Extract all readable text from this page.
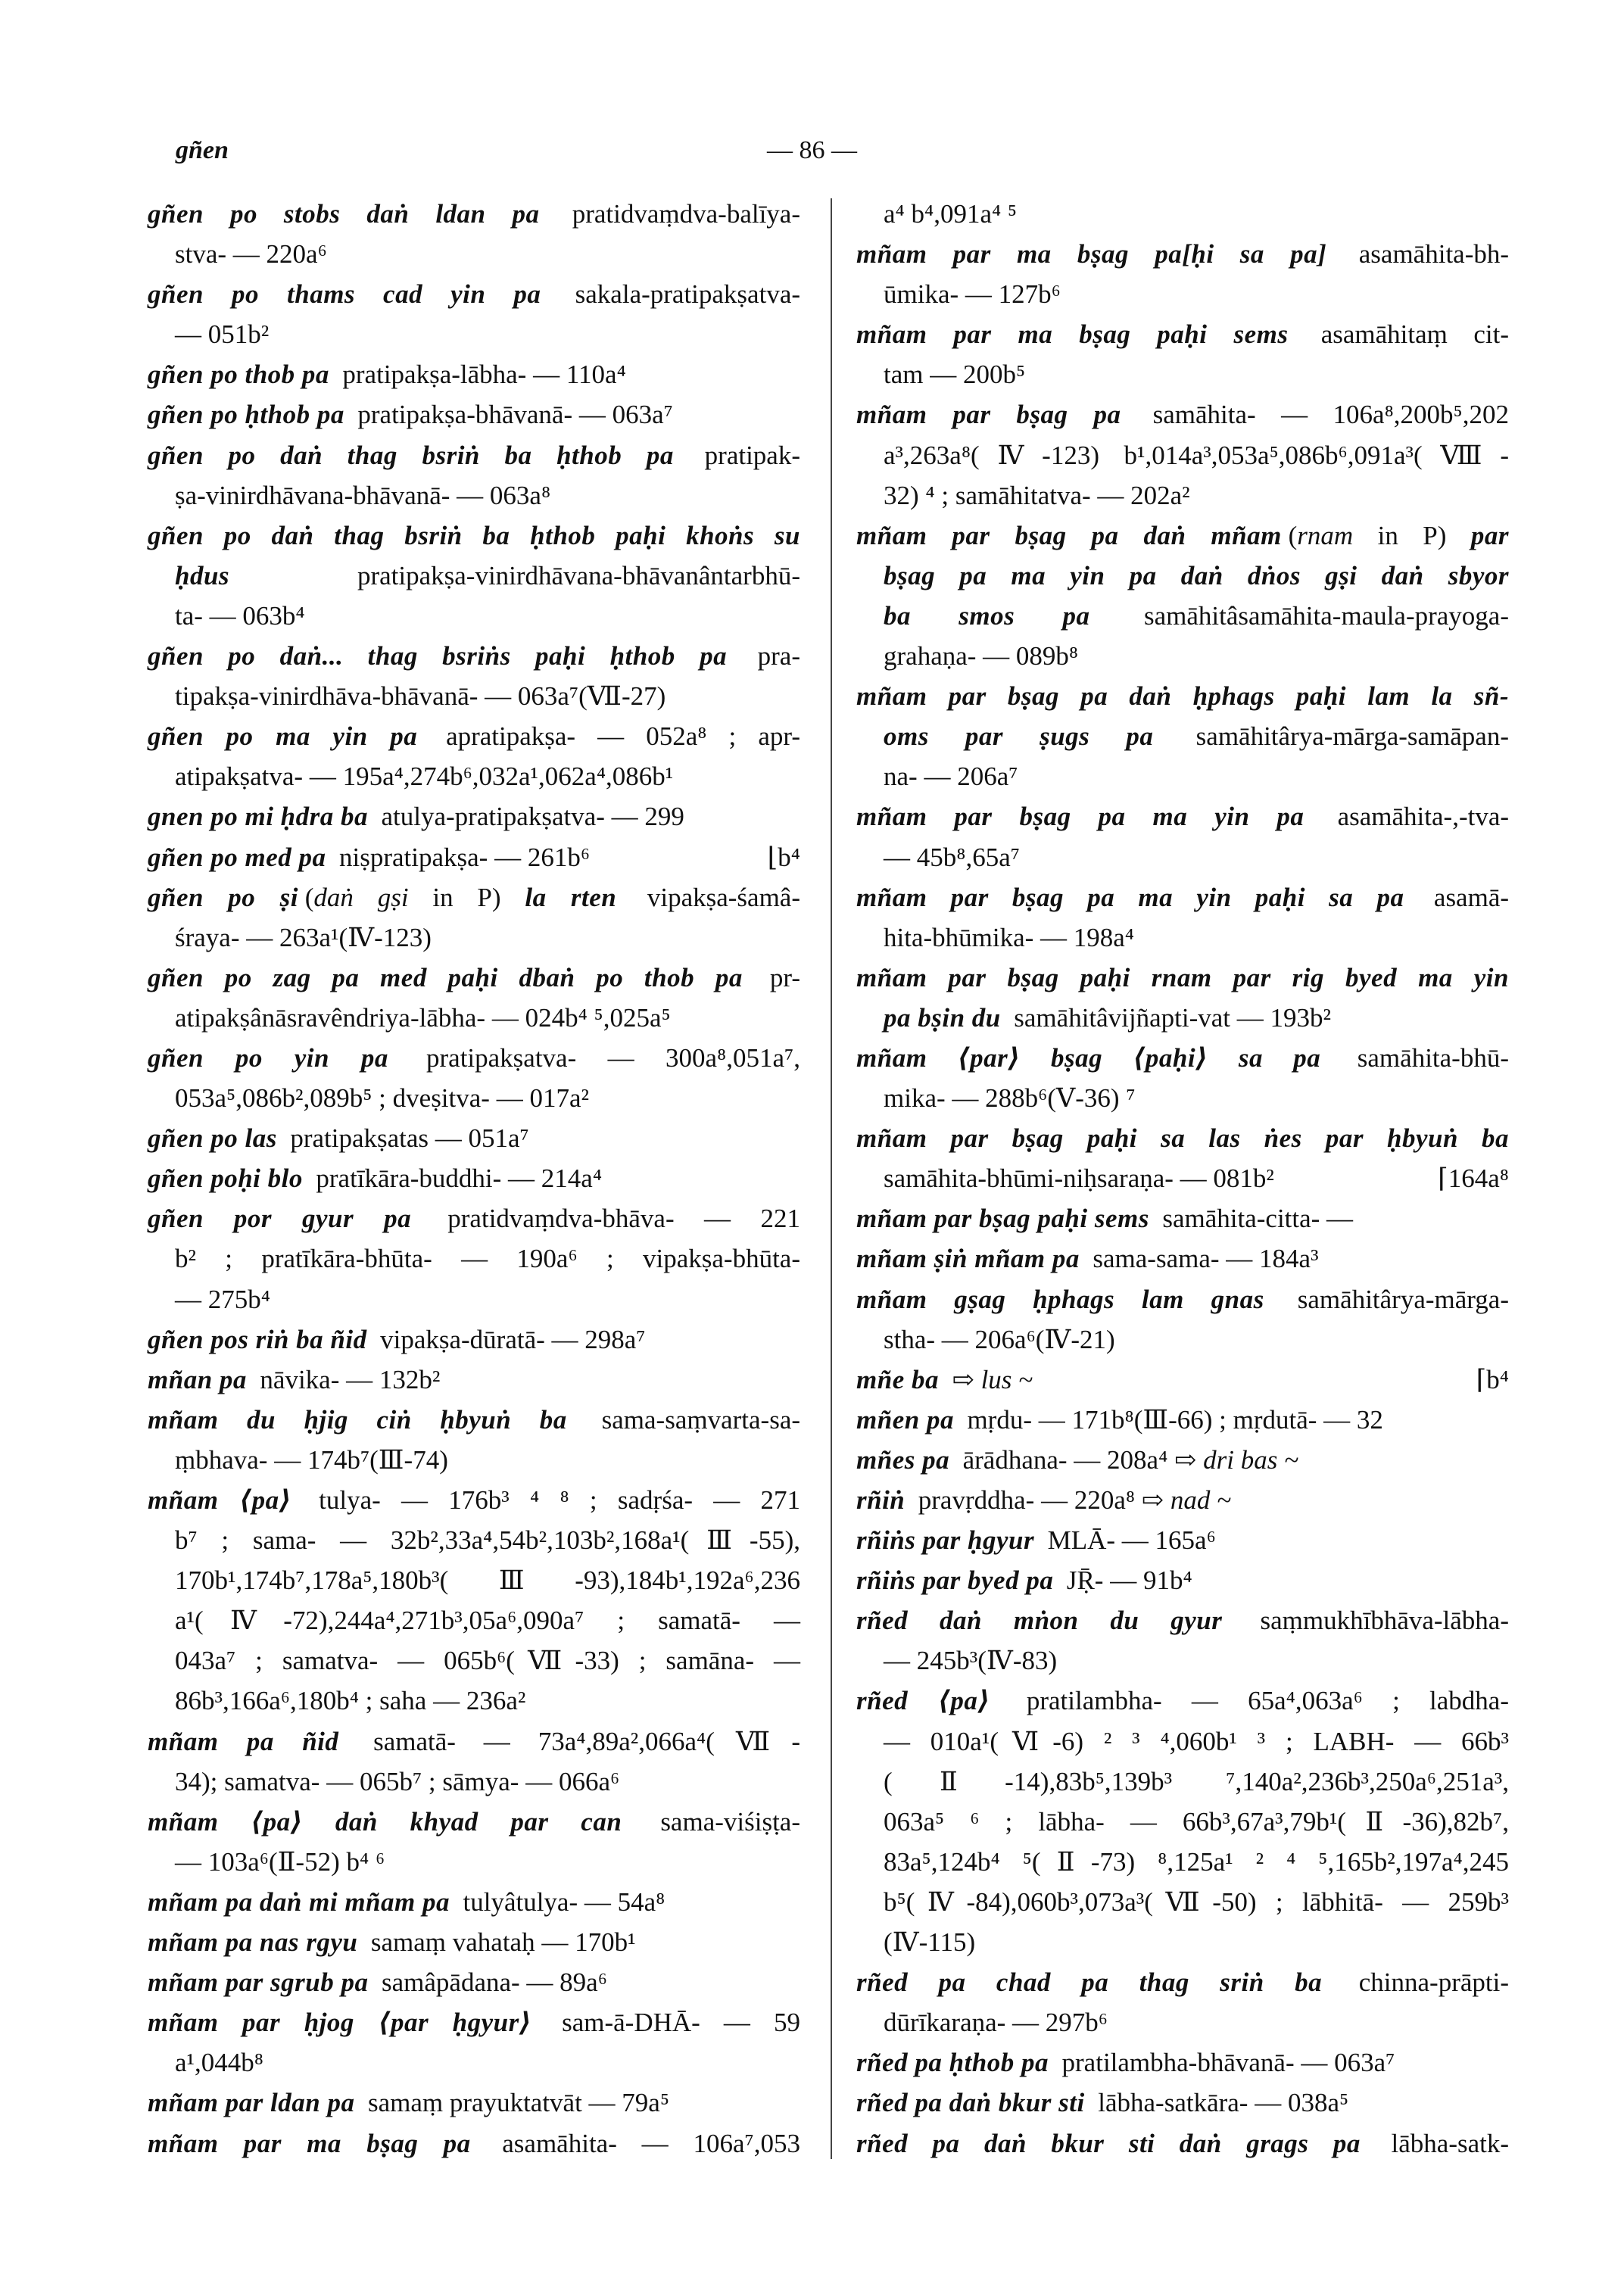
gñen	— 86 —
gñen po stobs daṅ ldan pa pratidvaṃdva-balīya-
stva- — 220a⁶
gñen po thams cad yin pa sakala-pratipakṣatva-
— 051b²
gñen po thob pa pratipakṣa-lābha- — 110a⁴
gñen po ḥthob pa pratipakṣa-bhāvanā- — 063a⁷
gñen po daṅ thag bsriṅ ba ḥthob pa pratipak-
ṣa-vinirdhāvana-bhāvanā- — 063a⁸
gñen po daṅ thag bsriṅ ba ḥthob paḥi khoṅs su
ḥdus	pratipakṣa-vinirdhāvana-bhāvanântarbhū-
ta- — 063b⁴
gñen po daṅ... thag bsriṅs paḥi ḥthob pa pra-
tipakṣa-vinirdhāva-bhāvanā- — 063a⁷(Ⅶ-27)
gñen po ma yin pa apratipakṣa- — 052a⁸ ; apr-
atipakṣatva- — 195a⁴,274b⁶,032a¹,062a⁴,086b¹
gnen po mi ḥdra ba atulya-pratipakṣatva- — 299
gñen po med pa niṣpratipakṣa- — 261b⁶	⌊b⁴
gñen po ṣi (daṅ gṣi in P) la rten vipakṣa-śamâ-
śraya- — 263a¹(Ⅳ-123)
gñen po zag pa med paḥi dbaṅ po thob pa pr-
atipakṣânāsravêndriya-lābha- — 024b⁴ ⁵,025a⁵
gñen po yin pa pratipakṣatva- — 300a⁸,051a⁷,
053a⁵,086b²,089b⁵ ; dveṣitva- — 017a²
gñen po las pratipakṣatas — 051a⁷
gñen poḥi blo pratīkāra-buddhi- — 214a⁴
gñen por gyur pa pratidvaṃdva-bhāva- — 221
b² ; pratīkāra-bhūta- — 190a⁶ ; vipakṣa-bhūta-
— 275b⁴
gñen pos riṅ ba ñid vipakṣa-dūratā- — 298a⁷
mñan pa nāvika- — 132b²
mñam du ḥjig ciṅ ḥbyuṅ ba sama-saṃvarta-sa-
ṃbhava- — 174b⁷(Ⅲ-74)
mñam ⟨pa⟩ tulya- — 176b³ ⁴ ⁸ ; sadṛśa- — 271
b⁷ ; sama- — 32b²,33a⁴,54b²,103b²,168a¹(Ⅲ-55),
170b¹,174b⁷,178a⁵,180b³(Ⅲ-93),184b¹,192a⁶,236
a¹(Ⅳ-72),244a⁴,271b³,05a⁶,090a⁷ ; samatā- —
043a⁷ ; samatva- — 065b⁶(Ⅶ-33) ; samāna- —
86b³,166a⁶,180b⁴ ; saha — 236a²
mñam pa ñid samatā- — 73a⁴,89a²,066a⁴(Ⅶ-
34); samatva- — 065b⁷ ; sāmya- — 066a⁶
mñam ⟨pa⟩ daṅ khyad par can sama-viśiṣṭa-
— 103a⁶(Ⅱ-52) b⁴ ⁶
mñam pa daṅ mi mñam pa tulyâtulya- — 54a⁸
mñam pa nas rgyu samaṃ vahataḥ — 170b¹
mñam par sgrub pa samâpādana- — 89a⁶
mñam par ḥjog ⟨par ḥgyur⟩ sam-ā-DHĀ- — 59
a¹,044b⁸
mñam par ldan pa samaṃ prayuktatvāt — 79a⁵
mñam par ma bṣag pa asamāhita- — 106a⁷,053
a⁴ b⁴,091a⁴ ⁵
mñam par ma bṣag pa[ḥi sa pa] asamāhita-bh-
ūmika- — 127b⁶
mñam par ma bṣag paḥi sems asamāhitaṃ cit-
tam — 200b⁵
mñam par bṣag pa samāhita- — 106a⁸,200b⁵,202
a³,263a⁸(Ⅳ-123) b¹,014a³,053a⁵,086b⁶,091a³(Ⅷ-
32) ⁴ ; samāhitatva- — 202a²
mñam par bṣag pa daṅ mñam (rnam in P) par
bṣag pa ma yin pa daṅ dṅos gṣi daṅ sbyor
ba smos pa samāhitâsamāhita-maula-prayoga-
grahaṇa- — 089b⁸
mñam par bṣag pa daṅ ḥphags paḥi lam la sñ-
oms par ṣugs pa samāhitârya-mārga-samāpan-
na- — 206a⁷
mñam par bṣag pa ma yin pa asamāhita-,-tva-
— 45b⁸,65a⁷
mñam par bṣag pa ma yin paḥi sa pa asamā-
hita-bhūmika- — 198a⁴
mñam par bṣag paḥi rnam par rig byed ma yin
pa bṣin du samāhitâvijñapti-vat — 193b²
mñam ⟨par⟩ bṣag ⟨paḥi⟩ sa pa samāhita-bhū-
mika- — 288b⁶(Ⅴ-36) ⁷
mñam par bṣag paḥi sa las ṅes par ḥbyuṅ ba
samāhita-bhūmi-niḥsaraṇa- — 081b²	⌈164a⁸
mñam par bṣag paḥi sems samāhita-citta- —
mñam ṣiṅ mñam pa sama-sama- — 184a³
mñam gṣag ḥphags lam gnas samāhitârya-mārga-
stha- — 206a⁶(Ⅳ-21)
mñe ba ⇨ lus ~	⌈b⁴
mñen pa mṛdu- — 171b⁸(Ⅲ-66) ; mṛdutā- — 32
mñes pa ārādhana- — 208a⁴ ⇨ dri bas ~
rñiṅ pravṛddha- — 220a⁸ ⇨ nad ~
rñiṅs par ḥgyur MLĀ- — 165a⁶
rñiṅs par byed pa JṜ- — 91b⁴
rñed daṅ mṅon du gyur saṃmukhībhāva-lābha-
— 245b³(Ⅳ-83)
rñed ⟨pa⟩ pratilambha- — 65a⁴,063a⁶ ; labdha-
— 010a¹(Ⅵ-6) ² ³ ⁴,060b¹ ³ ; LABH- — 66b³
(Ⅱ-14),83b⁵,139b³ ⁷,140a²,236b³,250a⁶,251a³,
063a⁵ ⁶ ; lābha- — 66b³,67a³,79b¹(Ⅱ-36),82b⁷,
83a⁵,124b⁴ ⁵(Ⅱ-73) ⁸,125a¹ ² ⁴ ⁵,165b²,197a⁴,245
b⁵(Ⅳ-84),060b³,073a³(Ⅶ-50) ; lābhitā- — 259b³
(Ⅳ-115)
rñed pa chad pa thag sriṅ ba chinna-prāpti-
dūrīkaraṇa- — 297b⁶
rñed pa ḥthob pa pratilambha-bhāvanā- — 063a⁷
rñed pa daṅ bkur sti lābha-satkāra- — 038a⁵
rñed pa daṅ bkur sti daṅ grags pa lābha-satk-
